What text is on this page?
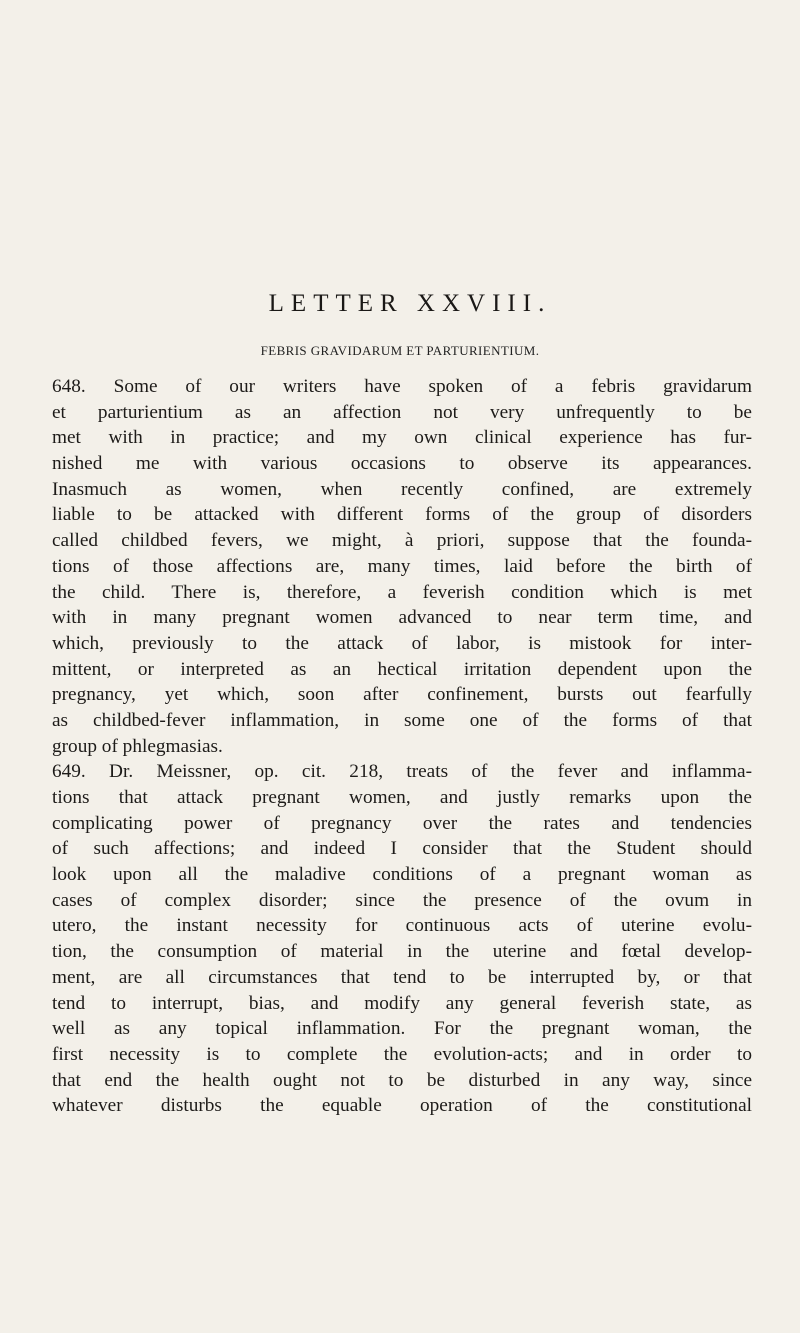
LETTER XXVIII.
FEBRIS GRAVIDARUM ET PARTURIENTIUM.
648. Some of our writers have spoken of a febris gravidarum
et parturientium as an affection not very unfrequently to be
met with in practice; and my own clinical experience has fur-
nished me with various occasions to observe its appearances.
Inasmuch as women, when recently confined, are extremely
liable to be attacked with different forms of the group of disorders
called childbed fevers, we might, à priori, suppose that the founda-
tions of those affections are, many times, laid before the birth of
the child. There is, therefore, a feverish condition which is met
with in many pregnant women advanced to near term time, and
which, previously to the attack of labor, is mistook for inter-
mittent, or interpreted as an hectical irritation dependent upon the
pregnancy, yet which, soon after confinement, bursts out fearfully
as childbed-fever inflammation, in some one of the forms of that
group of phlegmasias.
649. Dr. Meissner, op. cit. 218, treats of the fever and inflamma-
tions that attack pregnant women, and justly remarks upon the
complicating power of pregnancy over the rates and tendencies
of such affections; and indeed I consider that the Student should
look upon all the maladive conditions of a pregnant woman as
cases of complex disorder; since the presence of the ovum in
utero, the instant necessity for continuous acts of uterine evolu-
tion, the consumption of material in the uterine and fœtal develop-
ment, are all circumstances that tend to be interrupted by, or that
tend to interrupt, bias, and modify any general feverish state, as
well as any topical inflammation. For the pregnant woman, the
first necessity is to complete the evolution-acts; and in order to
that end the health ought not to be disturbed in any way, since
whatever disturbs the equable operation of the constitutional
